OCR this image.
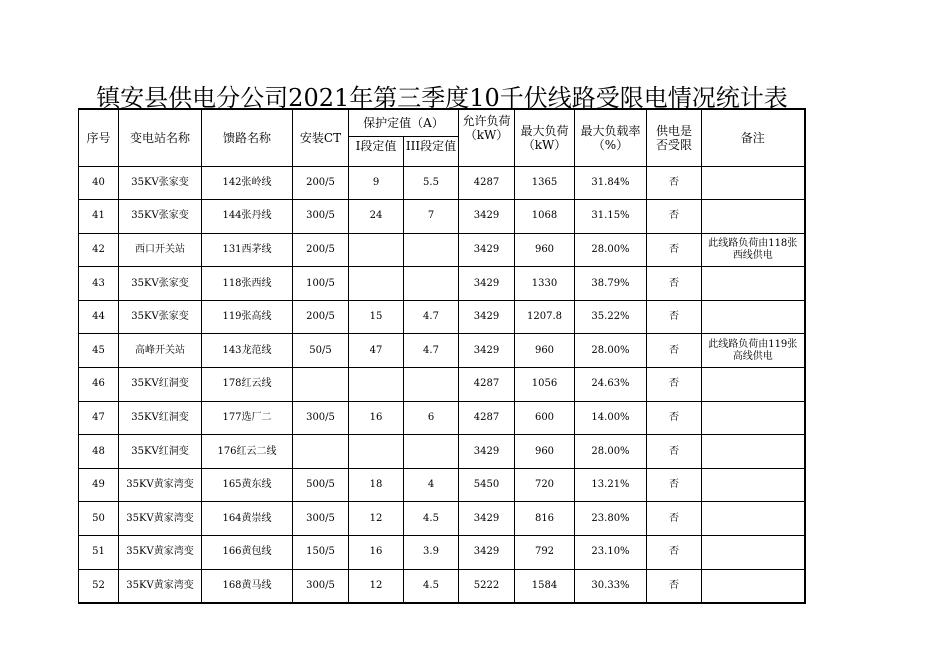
镇安县供电分公司2021年第三季度10千伏线路受限电情况统计表
序号	变电站名称	馈路名称	安装CT	保护定值（A）		允许负荷（kW）	最大负荷（kW）	最大负载率（%）	供电是否受限	备注
				I段定值	III段定值					
40	35KV张家变	142张岭线	200/5	9	5.5	4287	1365	31.84%	否	
41	35KV张家变	144张丹线	300/5	24	7	3429	1068	31.15%	否	
42	西口开关站	131西茅线	200/5			3429	960	28.00%	否	此线路负荷由118张西线供电
43	35KV张家变	118张西线	100/5			3429	1330	38.79%	否	
44	35KV张家变	119张高线	200/5	15	4.7	3429	1207.8	35.22%	否	
45	高峰开关站	143龙范线	50/5	47	4.7	3429	960	28.00%	否	此线路负荷由119张高线供电
46	35KV红洞变	178红云线				4287	1056	24.63%	否	
47	35KV红洞变	177选厂二	300/5	16	6	4287	600	14.00%	否	
48	35KV红洞变	176红云二线				3429	960	28.00%	否	
49	35KV黄家湾变	165黄东线	500/5	18	4	5450	720	13.21%	否	
50	35KV黄家湾变	164黄崇线	300/5	12	4.5	3429	816	23.80%	否	
51	35KV黄家湾变	166黄包线	150/5	16	3.9	3429	792	23.10%	否	
52	35KV黄家湾变	168黄马线	300/5	12	4.5	5222	1584	30.33%	否	
